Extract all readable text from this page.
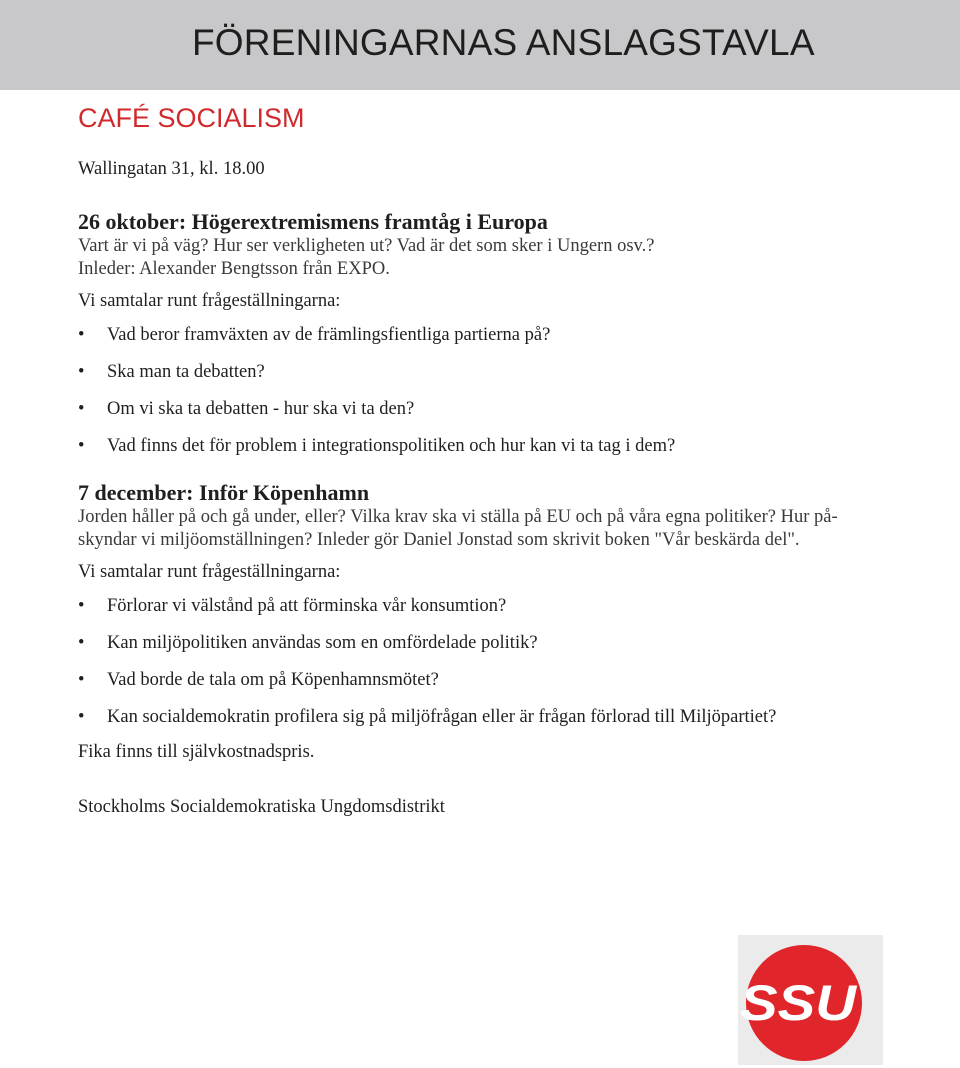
FÖRENINGARNAS ANSLAGSTAVLA
CAFÉ SOCIALISM

Wallingatan 31, kl. 18.00

26 oktober: Högerextremismens framtåg i Europa

Vart är vi på väg? Hur ser verkligheten ut? Vad är det som sker i Ungern osv.?

Inleder: Alexander Bengtsson från EXPO.

Vi samtalar runt frågeställningarna:

• Vad beror framväxten av de främlingsfientliga partierna på?
• Ska man ta debatten?
• Om vi ska ta debatten - hur ska vi ta den?
• Vad finns det för problem i integrationspolitiken och hur kan vi ta tag i dem?
7 december: Inför Köpenhamn

Jorden håller på och gå under, eller? Vilka krav ska vi ställa på EU och på våra egna politiker? Hur på-

skyndar vi miljöomställningen? Inleder gör Daniel Jonstad som skrivit boken "Vår beskärda del".

Vi samtalar runt frågeställningarna:

• Förlorar vi välstånd på att förminska vår konsumtion?
• Kan miljöpolitiken användas som en omfördelade politik?
• Vad borde de tala om på Köpenhamnsmötet?
• Kan socialdemokratin profilera sig på miljöfrågan eller är frågan förlorad till Miljöpartiet?

Fika finns till självkostnadspris.

Stockholms Socialdemokratiska Ungdomsdistrikt

SSU
